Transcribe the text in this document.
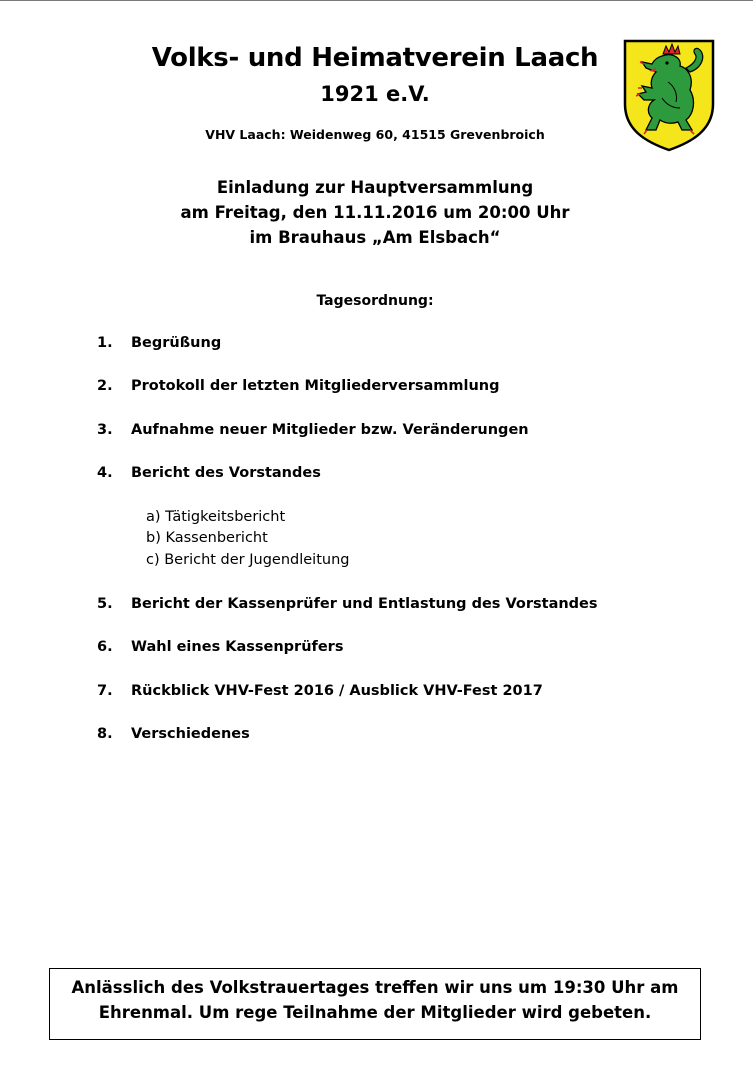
Volks- und Heimatverein Laach
1921 e.V.
VHV Laach: Weidenweg 60, 41515 Grevenbroich
Einladung zur Hauptversammlung
am Freitag, den 11.11.2016 um 20:00 Uhr
im Brauhaus „Am Elsbach“
Tagesordnung:
1. Begrüßung
2. Protokoll der letzten Mitgliederversammlung
3. Aufnahme neuer Mitglieder bzw. Veränderungen
4. Bericht des Vorstandes
a) Tätigkeitsbericht
b) Kassenbericht
c) Bericht der Jugendleitung
5. Bericht der Kassenprüfer und Entlastung des Vorstandes
6. Wahl eines Kassenprüfers
7. Rückblick VHV-Fest 2016 / Ausblick VHV-Fest 2017
8. Verschiedenes
Anlässlich des Volkstrauertages treffen wir uns um 19:30 Uhr am
Ehrenmal. Um rege Teilnahme der Mitglieder wird gebeten.
